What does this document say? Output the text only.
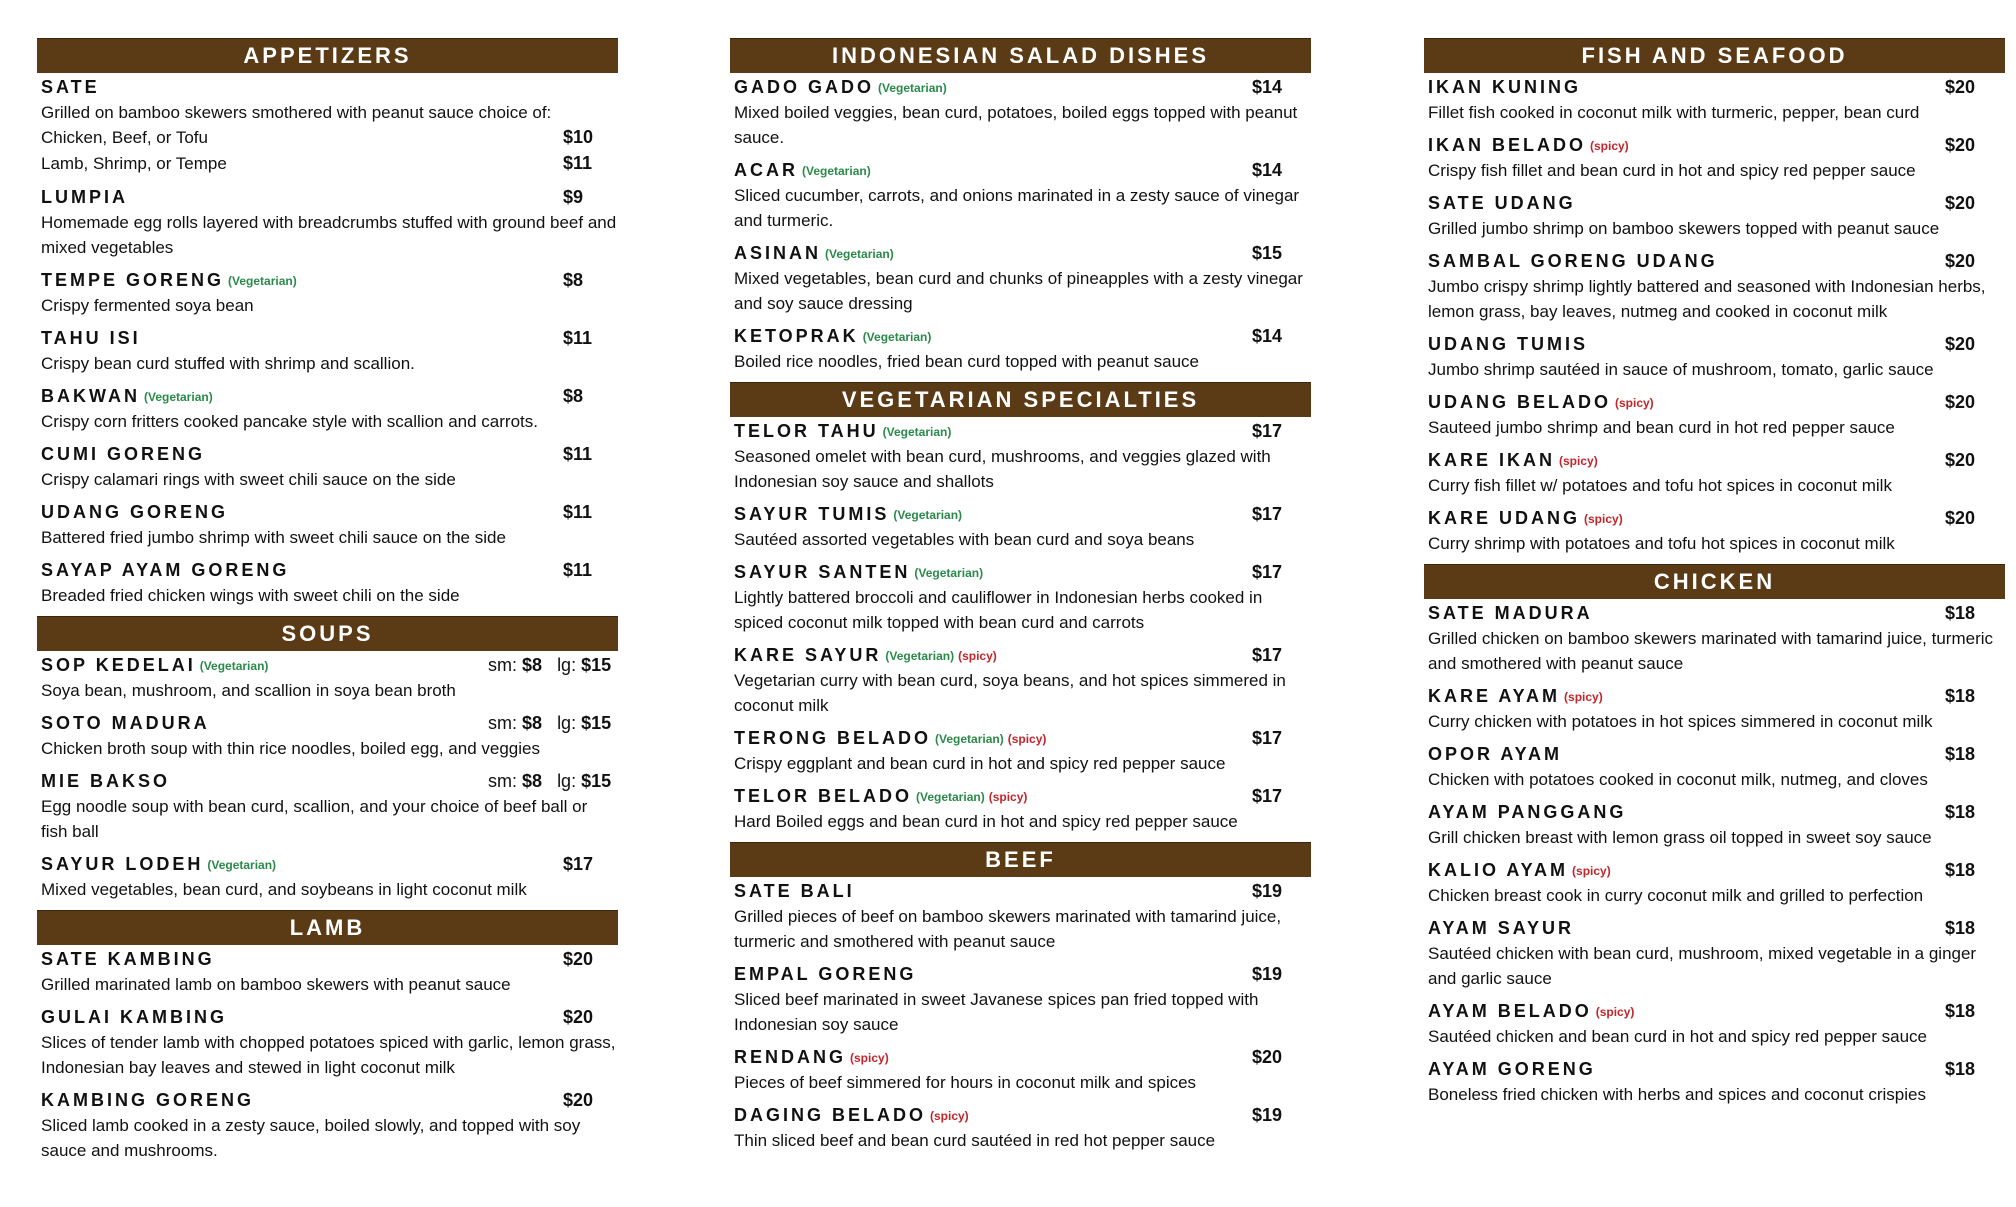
APPETIZERS
SATE
Grilled on bamboo skewers smothered with peanut sauce choice of:
Chicken, Beef, or Tofu	$10
Lamb, Shrimp, or Tempe	$11
LUMPIA	$9
Homemade egg rolls layered with breadcrumbs stuffed with ground beef and mixed vegetables
TEMPE GORENG (Vegetarian)	$8
Crispy fermented soya bean
TAHU ISI	$11
Crispy bean curd stuffed with shrimp and scallion.
BAKWAN (Vegetarian)	$8
Crispy corn fritters cooked pancake style with scallion and carrots.
CUMI GORENG	$11
Crispy calamari rings with sweet chili sauce on the side
UDANG GORENG	$11
Battered fried jumbo shrimp with sweet chili sauce on the side
SAYAP AYAM GORENG	$11
Breaded fried chicken wings with sweet chili on the side
SOUPS
SOP KEDELAI (Vegetarian)	sm: $8 lg: $15
Soya bean, mushroom, and scallion in soya bean broth
SOTO MADURA	sm: $8 lg: $15
Chicken broth soup with thin rice noodles, boiled egg, and veggies
MIE BAKSO	sm: $8 lg: $15
Egg noodle soup with bean curd, scallion, and your choice of beef ball or fish ball
SAYUR LODEH (Vegetarian)	$17
Mixed vegetables, bean curd, and soybeans in light coconut milk
LAMB
SATE KAMBING	$20
Grilled marinated lamb on bamboo skewers with peanut sauce
GULAI KAMBING	$20
Slices of tender lamb with chopped potatoes spiced with garlic, lemon grass, Indonesian bay leaves and stewed in light coconut milk
KAMBING GORENG	$20
Sliced lamb cooked in a zesty sauce, boiled slowly, and topped with soy sauce and mushrooms.
INDONESIAN SALAD DISHES
GADO GADO (Vegetarian)	$14
Mixed boiled veggies, bean curd, potatoes, boiled eggs topped with peanut sauce.
ACAR (Vegetarian)	$14
Sliced cucumber, carrots, and onions marinated in a zesty sauce of vinegar and turmeric.
ASINAN (Vegetarian)	$15
Mixed vegetables, bean curd and chunks of pineapples with a zesty vinegar and soy sauce dressing
KETOPRAK (Vegetarian)	$14
Boiled rice noodles, fried bean curd topped with peanut sauce
VEGETARIAN SPECIALTIES
TELOR TAHU (Vegetarian)	$17
Seasoned omelet with bean curd, mushrooms, and veggies glazed with Indonesian soy sauce and shallots
SAYUR TUMIS (Vegetarian)	$17
Sautéed assorted vegetables with bean curd and soya beans
SAYUR SANTEN (Vegetarian)	$17
Lightly battered broccoli and cauliflower in Indonesian herbs cooked in spiced coconut milk topped with bean curd and carrots
KARE SAYUR (Vegetarian) (spicy)	$17
Vegetarian curry with bean curd, soya beans, and hot spices simmered in coconut milk
TERONG BELADO (Vegetarian) (spicy)	$17
Crispy eggplant and bean curd in hot and spicy red pepper sauce
TELOR BELADO (Vegetarian) (spicy)	$17
Hard Boiled eggs and bean curd in hot and spicy red pepper sauce
BEEF
SATE BALI	$19
Grilled pieces of beef on bamboo skewers marinated with tamarind juice, turmeric and smothered with peanut sauce
EMPAL GORENG	$19
Sliced beef marinated in sweet Javanese spices pan fried topped with Indonesian soy sauce
RENDANG (spicy)	$20
Pieces of beef simmered for hours in coconut milk and spices
DAGING BELADO (spicy)	$19
Thin sliced beef and bean curd sautéed in red hot pepper sauce
FISH AND SEAFOOD
IKAN KUNING	$20
Fillet fish cooked in coconut milk with turmeric, pepper, bean curd
IKAN BELADO (spicy)	$20
Crispy fish fillet and bean curd in hot and spicy red pepper sauce
SATE UDANG	$20
Grilled jumbo shrimp on bamboo skewers topped with peanut sauce
SAMBAL GORENG UDANG	$20
Jumbo crispy shrimp lightly battered and seasoned with Indonesian herbs, lemon grass, bay leaves, nutmeg and cooked in coconut milk
UDANG TUMIS	$20
Jumbo shrimp sautéed in sauce of mushroom, tomato, garlic sauce
UDANG BELADO (spicy)	$20
Sauteed jumbo shrimp and bean curd in hot red pepper sauce
KARE IKAN (spicy)	$20
Curry fish fillet w/ potatoes and tofu hot spices in coconut milk
KARE UDANG (spicy)	$20
Curry shrimp with potatoes and tofu hot spices in coconut milk
CHICKEN
SATE MADURA	$18
Grilled chicken on bamboo skewers marinated with tamarind juice, turmeric and smothered with peanut sauce
KARE AYAM (spicy)	$18
Curry chicken with potatoes in hot spices simmered in coconut milk
OPOR AYAM	$18
Chicken with potatoes cooked in coconut milk, nutmeg, and cloves
AYAM PANGGANG	$18
Grill chicken breast with lemon grass oil topped in sweet soy sauce
KALIO AYAM (spicy)	$18
Chicken breast cook in curry coconut milk and grilled to perfection
AYAM SAYUR	$18
Sautéed chicken with bean curd, mushroom, mixed vegetable in a ginger and garlic sauce
AYAM BELADO (spicy)	$18
Sautéed chicken and bean curd in hot and spicy red pepper sauce
AYAM GORENG	$18
Boneless fried chicken with herbs and spices and coconut crispies
